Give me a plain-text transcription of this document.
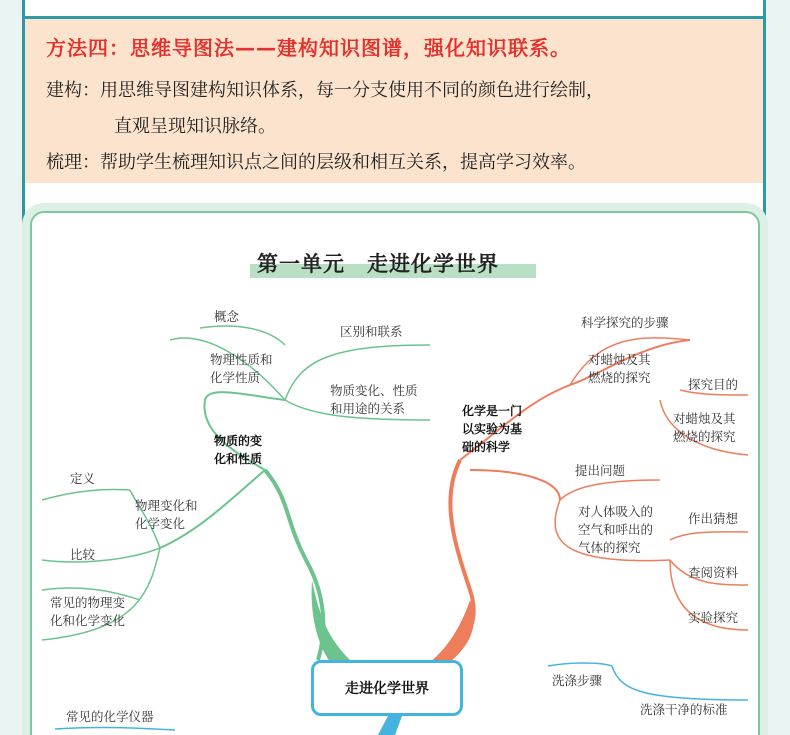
方法四：思维导图法——建构知识图谱，强化知识联系。
建构：用思维导图建构知识体系，每一分支使用不同的颜色进行绘制，
直观呈现知识脉络。
梳理：帮助学生梳理知识点之间的层级和相互关系，提高学习效率。
第一单元　走进化学世界
走进化学世界
物质的变
化和性质
概念
物理性质和
化学性质
区别和联系
物质变化、性质
和用途的关系
定义
物理变化和
化学变化
比较
常见的物理变
化和化学变化
化学是一门
以实验为基
础的科学
科学探究的步骤
对蜡烛及其
燃烧的探究	探究目的
对蜡烛及其
燃烧的探究
提出问题
对人体吸入的
空气和呼出的
气体的探究
作出猜想
查阅资料
实验探究
常见的化学仪器
洗涤步骤
洗涤干净的标准
